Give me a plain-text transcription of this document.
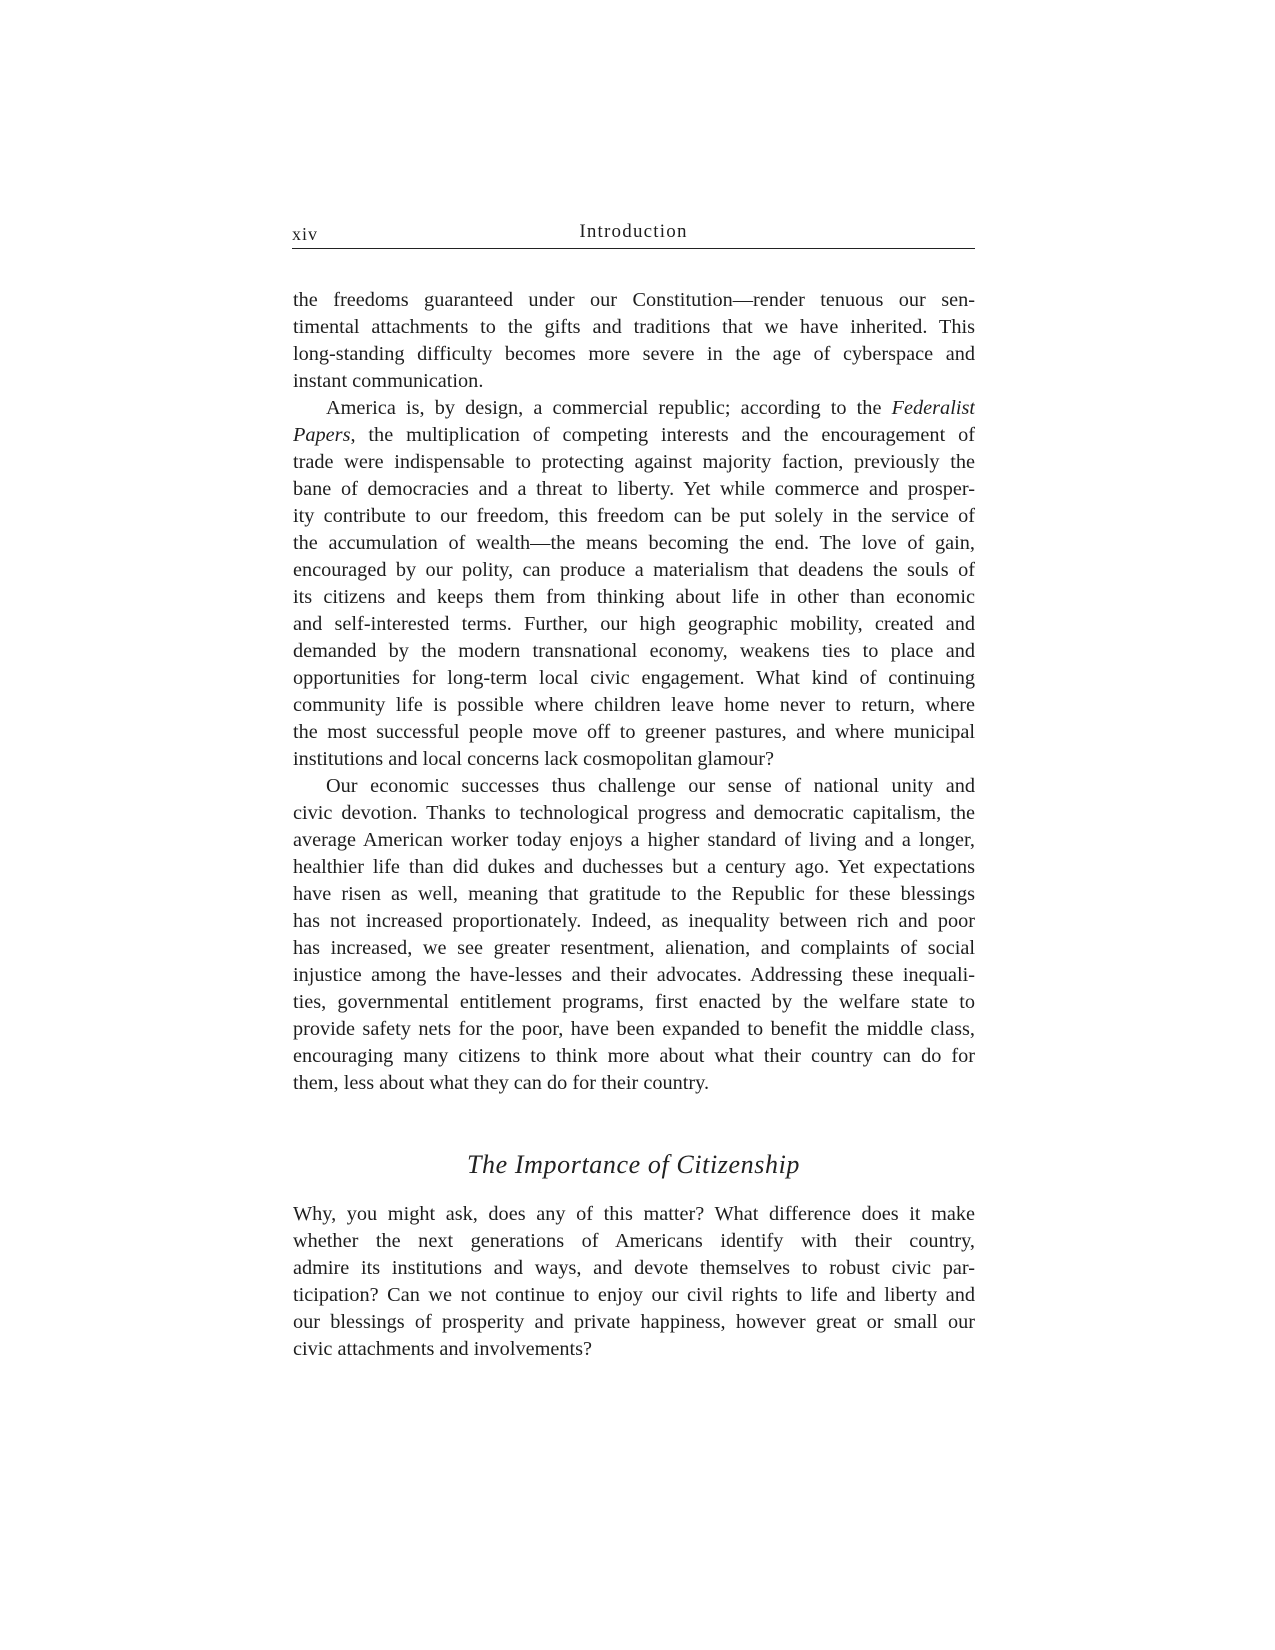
xiv	Introduction
the freedoms guaranteed under our Constitution—render tenuous our sen-
timental attachments to the gifts and traditions that we have inherited. This
long-standing difficulty becomes more severe in the age of cyberspace and
instant communication.
America is, by design, a commercial republic; according to the Federalist
Papers, the multiplication of competing interests and the encouragement of
trade were indispensable to protecting against majority faction, previously the
bane of democracies and a threat to liberty. Yet while commerce and prosper-
ity contribute to our freedom, this freedom can be put solely in the service of
the accumulation of wealth—the means becoming the end. The love of gain,
encouraged by our polity, can produce a materialism that deadens the souls of
its citizens and keeps them from thinking about life in other than economic
and self-interested terms. Further, our high geographic mobility, created and
demanded by the modern transnational economy, weakens ties to place and
opportunities for long-term local civic engagement. What kind of continuing
community life is possible where children leave home never to return, where
the most successful people move off to greener pastures, and where municipal
institutions and local concerns lack cosmopolitan glamour?
Our economic successes thus challenge our sense of national unity and
civic devotion. Thanks to technological progress and democratic capitalism, the
average American worker today enjoys a higher standard of living and a longer,
healthier life than did dukes and duchesses but a century ago. Yet expectations
have risen as well, meaning that gratitude to the Republic for these blessings
has not increased proportionately. Indeed, as inequality between rich and poor
has increased, we see greater resentment, alienation, and complaints of social
injustice among the have-lesses and their advocates. Addressing these inequali-
ties, governmental entitlement programs, first enacted by the welfare state to
provide safety nets for the poor, have been expanded to benefit the middle class,
encouraging many citizens to think more about what their country can do for
them, less about what they can do for their country.
The Importance of Citizenship
Why, you might ask, does any of this matter? What difference does it make
whether the next generations of Americans identify with their country,
admire its institutions and ways, and devote themselves to robust civic par-
ticipation? Can we not continue to enjoy our civil rights to life and liberty and
our blessings of prosperity and private happiness, however great or small our
civic attachments and involvements?
